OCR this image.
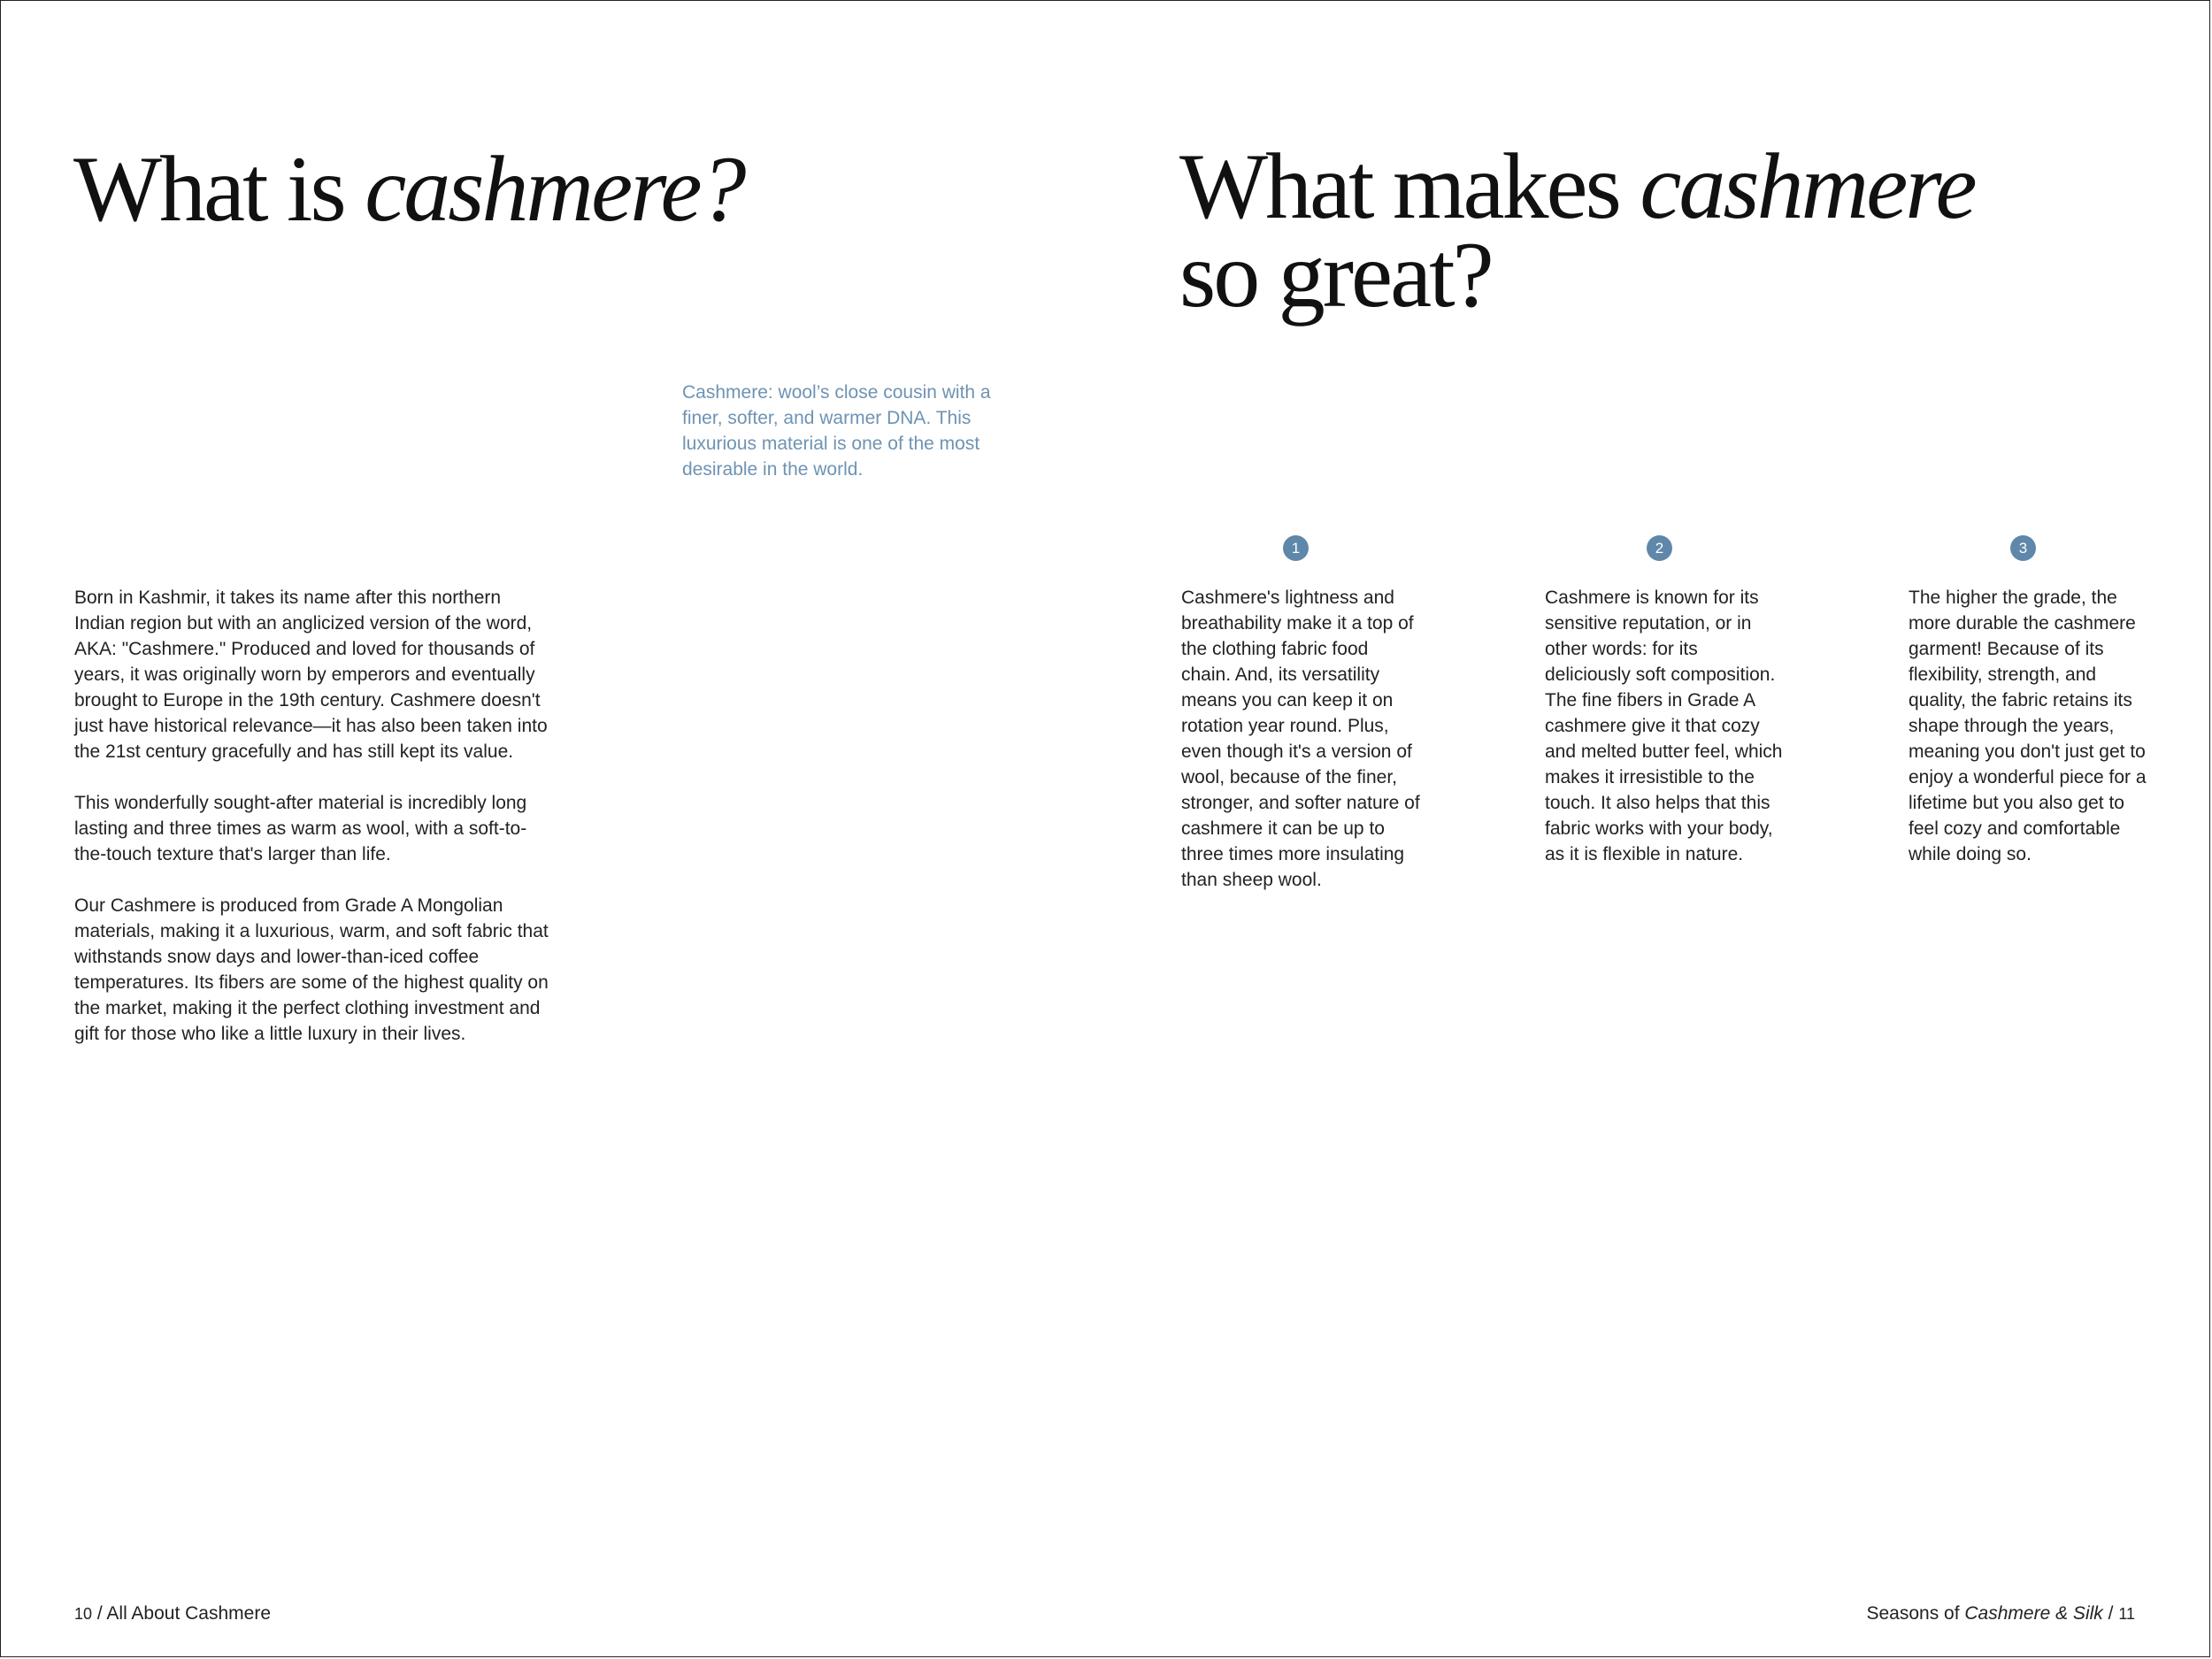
What is cashmere?
Cashmere: wool’s close cousin with a finer, softer, and warmer DNA. This luxurious material is one of the most desirable in the world.

Born in Kashmir, it takes its name after this northern Indian region but with an anglicized version of the word, AKA: "Cashmere." Produced and loved for thousands of years, it was originally worn by emperors and eventually brought to Europe in the 19th century. Cashmere doesn't just have historical relevance—it has also been taken into the 21st century gracefully and has still kept its value.

This wonderfully sought-after material is incredibly long lasting and three times as warm as wool, with a soft-to-the-touch texture that's larger than life.

Our Cashmere is produced from Grade A Mongolian materials, making it a luxurious, warm, and soft fabric that withstands snow days and lower-than-iced coffee temperatures. Its fibers are some of the highest quality on the market, making it the perfect clothing investment and gift for those who like a little luxury in their lives.

10 / All About Cashmere
What makes cashmere
so great?
1	2	3
Cashmere's lightness and breathability make it a top of the clothing fabric food chain. And, its versatility means you can keep it on rotation year round. Plus, even though it's a version of wool, because of the finer, stronger, and softer nature of cashmere it can be up to three times more insulating than sheep wool.
Cashmere is known for its sensitive reputation, or in other words: for its deliciously soft composition. The fine fibers in Grade A cashmere give it that cozy and melted butter feel, which makes it irresistible to the touch. It also helps that this fabric works with your body, as it is flexible in nature.
The higher the grade, the more durable the cashmere garment! Because of its flexibility, strength, and quality, the fabric retains its shape through the years, meaning you don't just get to enjoy a wonderful piece for a lifetime but you also get to feel cozy and comfortable while doing so.
Seasons of Cashmere & Silk / 11
